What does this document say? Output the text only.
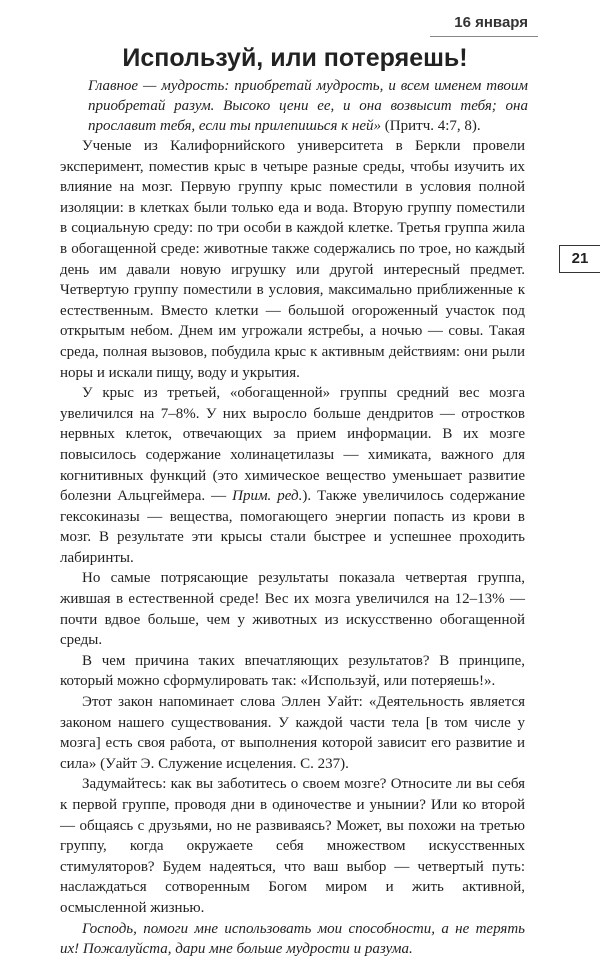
16 января
21
Используй, или потеряешь!
Главное — мудрость: приобретай мудрость, и всем именем твоим приобретай разум. Высоко цени ее, и она возвысит тебя; она прославит тебя, если ты прилепишься к ней» (Притч. 4:7, 8).

Ученые из Калифорнийского университета в Беркли провели эксперимент, поместив крыс в четыре разные среды, чтобы изучить их влияние на мозг. Первую группу крыс поместили в условия полной изоляции: в клетках были только еда и вода. Вторую группу поместили в социальную среду: по три особи в каждой клетке. Третья группа жила в обогащенной среде: животные также содержались по трое, но каждый день им давали новую игрушку или другой интересный предмет. Четвертую группу поместили в условия, максимально приближенные к естественным. Вместо клетки — большой огороженный участок под открытым небом. Днем им угрожали ястребы, а ночью — совы. Такая среда, полная вызовов, побудила крыс к активным действиям: они рыли норы и искали пищу, воду и укрытия.

У крыс из третьей, «обогащенной» группы средний вес мозга увеличился на 7–8%. У них выросло больше дендритов — отростков нервных клеток, отвечающих за прием информации. В их мозге повысилось содержание холинацетилазы — химиката, важного для когнитивных функций (это химическое вещество уменьшает развитие болезни Альцгеймера. — Прим. ред.). Также увеличилось содержание гексокиназы — вещества, помогающего энергии попасть из крови в мозг. В результате эти крысы стали быстрее и успешнее проходить лабиринты.

Но самые потрясающие результаты показала четвертая группа, жившая в естественной среде! Вес их мозга увеличился на 12–13% — почти вдвое больше, чем у животных из искусственно обогащенной среды.

В чем причина таких впечатляющих результатов? В принципе, который можно сформулировать так: «Используй, или потеряешь!».

Этот закон напоминает слова Эллен Уайт: «Деятельность является законом нашего существования. У каждой части тела [в том числе у мозга] есть своя работа, от выполнения которой зависит его развитие и сила» (Уайт Э. Служение исцеления. С. 237).

Задумайтесь: как вы заботитесь о своем мозге? Относите ли вы себя к первой группе, проводя дни в одиночестве и унынии? Или ко второй — общаясь с друзьями, но не развиваясь? Может, вы похожи на третью группу, когда окружаете себя множеством искусственных стимуляторов? Будем надеяться, что ваш выбор — четвертый путь: наслаждаться сотворенным Богом миром и жить активной, осмысленной жизнью.

Господь, помоги мне использовать мои способности, а не терять их! Пожалуйста, дари мне больше мудрости и разума.
